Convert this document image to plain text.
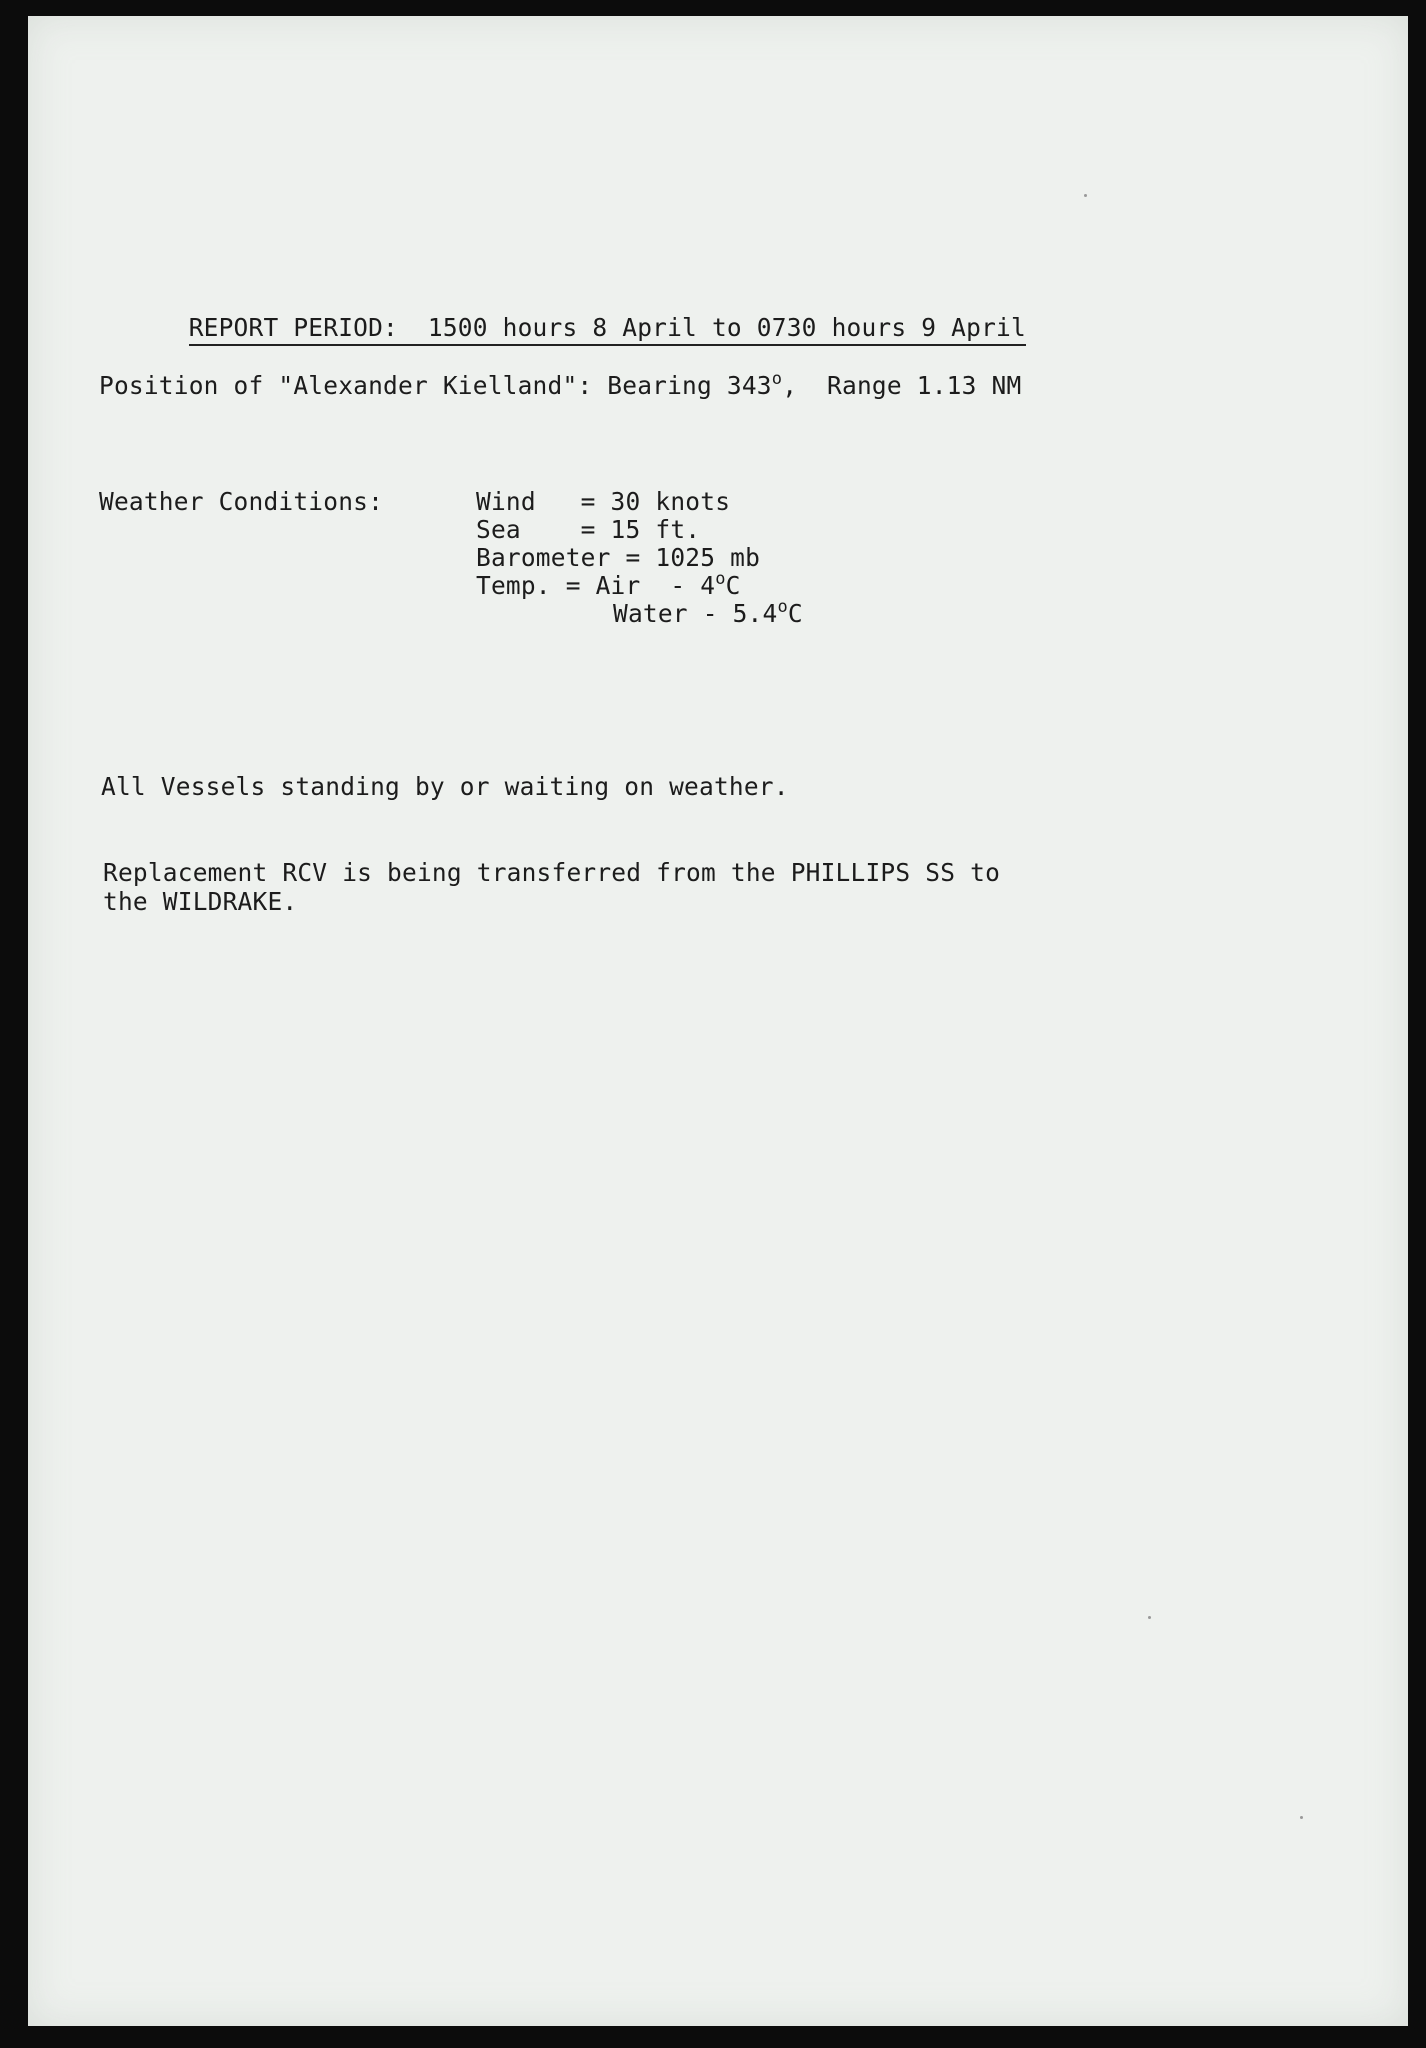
REPORT PERIOD:  1500 hours 8 April to 0730 hours 9 April

Position of "Alexander Kielland": Bearing 343$^o$,  Range 1.13 NM
Weather Conditions:	Wind   = 30 knots
Sea    = 15 ft.
Barometer = 1025 mb
Temp. = Air  - 4$^o$C
Water - 5.4$^o$C
All Vessels standing by or waiting on weather.
Replacement RCV is being transferred from the PHILLIPS SS to
the WILDRAKE.
